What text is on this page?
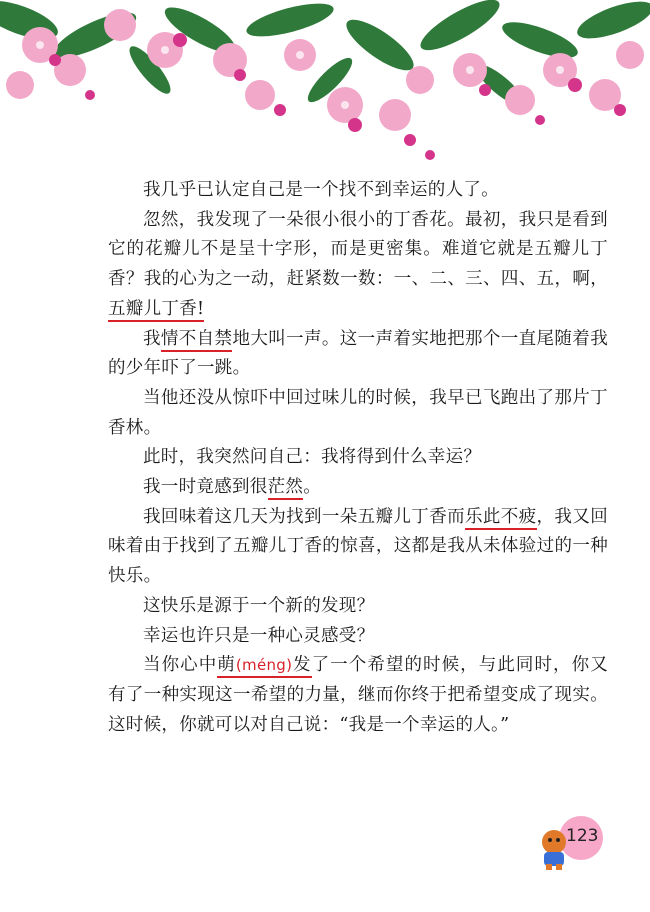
我几乎已认定自己是一个找不到幸运的人了。

忽然，我发现了一朵很小很小的丁香花。最初，我只是看到它的花瓣儿不是呈十字形，而是更密集。难道它就是五瓣儿丁香？我的心为之一动，赶紧数一数：一、二、三、四、五，啊，五瓣儿丁香!

我情不自禁地大叫一声。这一声着实地把那个一直尾随着我的少年吓了一跳。

当他还没从惊吓中回过味儿的时候，我早已飞跑出了那片丁香林。

此时，我突然问自己：我将得到什么幸运？

我一时竟感到很茫然。

我回味着这几天为找到一朵五瓣儿丁香而乐此不疲，我又回味着由于找到了五瓣儿丁香的惊喜，这都是我从未体验过的一种快乐。

这快乐是源于一个新的发现？

幸运也许只是一种心灵感受？

当你心中萌(méng)发了一个希望的时候，与此同时，你又有了一种实现这一希望的力量，继而你终于把希望变成了现实。这时候，你就可以对自己说：“我是一个幸运的人。”

123
